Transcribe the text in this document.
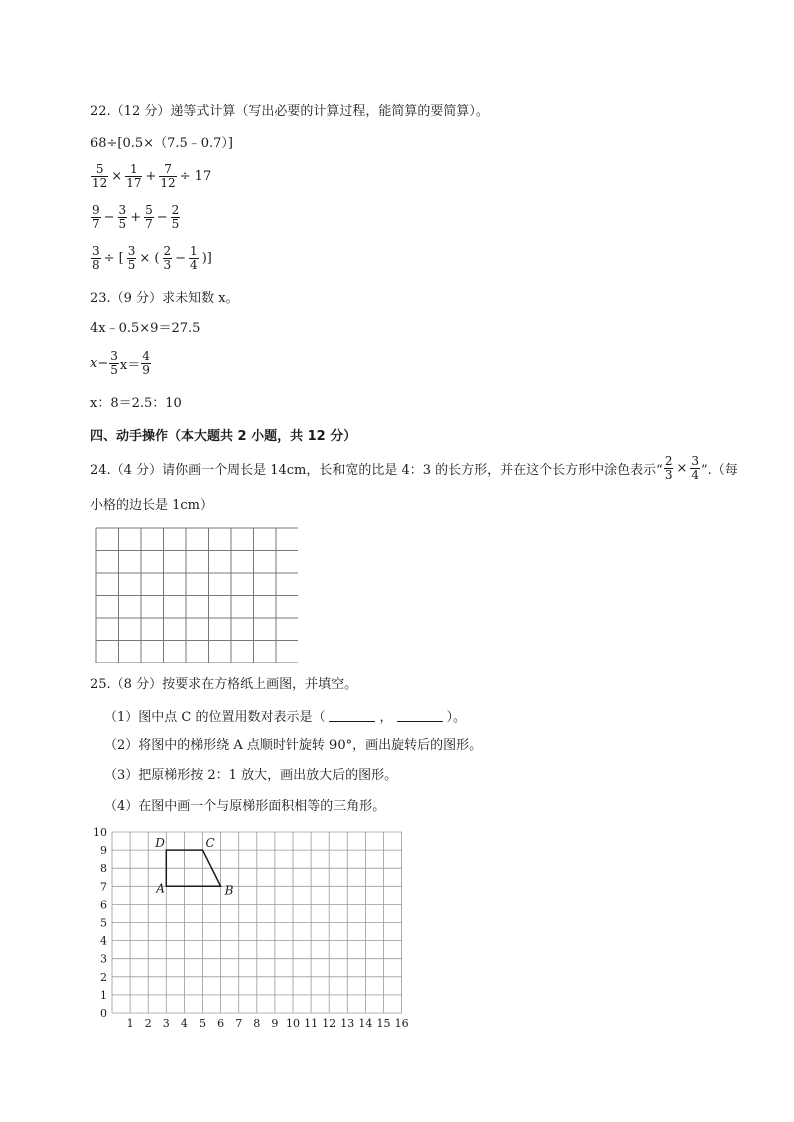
22.（12 分）递等式计算（写出必要的计算过程，能简算的要简算）。
68÷[0.5×（7.5﹣0.7）]
$\frac{5}{12} \times \frac{1}{17} + \frac{7}{12} \div 17$
$\frac{9}{7} - \frac{3}{5} + \frac{5}{7} - \frac{2}{5}$
$\frac{3}{8}$ ÷ [ $\frac{3}{5}$ × ( $\frac{2}{3} - \frac{1}{4}$ )]
23.（9 分）求未知数 x。
4x﹣0.5×9＝27.5
$x- \frac{3}{5} x= \frac{4}{9}$
x：8＝2.5：10
四、动手操作（本大题共 2 小题，共 12 分）
24.（4 分）请你画一个周长是 14cm，长和宽的比是 4：3 的长方形，并在这个长方形中涂色表示“ $\frac{2}{3} \times \frac{3}{4}$ ”.（每
小格的边长是 1cm）
25.（8 分）按要求在方格纸上画图，并填空。
（1）图中点 C 的位置用数对表示是（	，	）。
（2）将图中的梯形绕 A 点顺时针旋转 90°，画出旋转后的图形。
（3）把原梯形按 2：1 放大，画出放大后的图形。
（4）在图中画一个与原梯形面积相等的三角形。
10
9
8
7
6
5
4
3
2
1
0
1 2 3 4 5 6 7 8 9 10 11 12 13 14 15 16
A	B
C
D
